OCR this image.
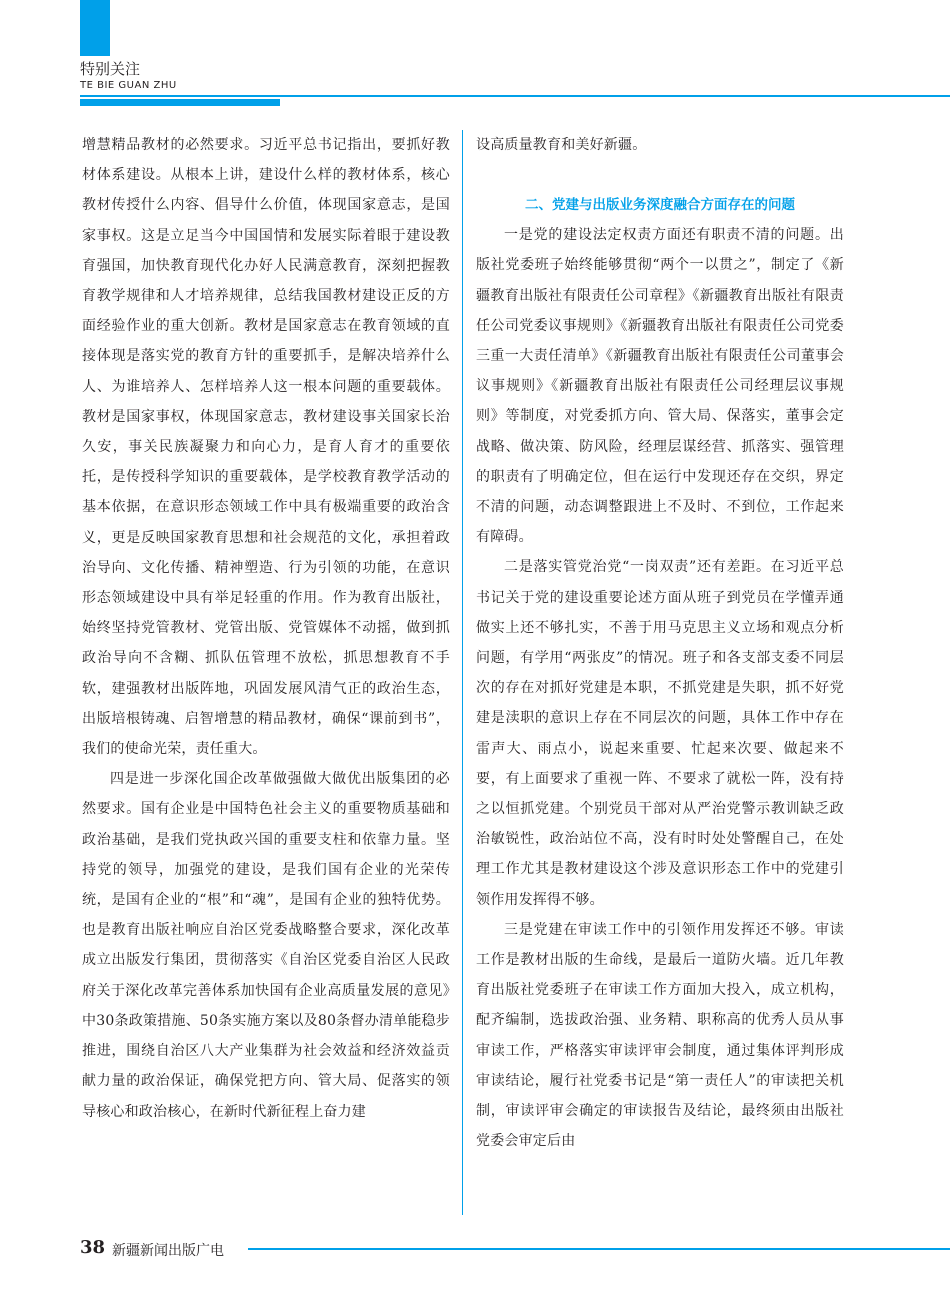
特别关注
TE BIE GUAN ZHU

增慧精品教材的必然要求。习近平总书记指出，要抓好教材体系建设。从根本上讲，建设什么样的教材体系，核心教材传授什么内容、倡导什么价值，体现国家意志，是国家事权。这是立足当今中国国情和发展实际着眼于建设教育强国，加快教育现代化办好人民满意教育，深刻把握教育教学规律和人才培养规律，总结我国教材建设正反的方面经验作业的重大创新。教材是国家意志在教育领域的直接体现是落实党的教育方针的重要抓手，是解决培养什么人、为谁培养人、怎样培养人这一根本问题的重要载体。教材是国家事权，体现国家意志，教材建设事关国家长治久安，事关民族凝聚力和向心力，是育人育才的重要依托，是传授科学知识的重要载体，是学校教育教学活动的基本依据，在意识形态领域工作中具有极端重要的政治含义，更是反映国家教育思想和社会规范的文化，承担着政治导向、文化传播、精神塑造、行为引领的功能，在意识形态领域建设中具有举足轻重的作用。作为教育出版社，始终坚持党管教材、党管出版、党管媒体不动摇，做到抓政治导向不含糊、抓队伍管理不放松，抓思想教育不手软，建强教材出版阵地，巩固发展风清气正的政治生态，出版培根铸魂、启智增慧的精品教材，确保“课前到书”，我们的使命光荣，责任重大。

四是进一步深化国企改革做强做大做优出版集团的必然要求。国有企业是中国特色社会主义的重要物质基础和政治基础，是我们党执政兴国的重要支柱和依靠力量。坚持党的领导，加强党的建设，是我们国有企业的光荣传统，是国有企业的“根”和“魂”，是国有企业的独特优势。也是教育出版社响应自治区党委战略整合要求，深化改革成立出版发行集团，贯彻落实《自治区党委自治区人民政府关于深化改革完善体系加快国有企业高质量发展的意见》中30条政策措施、50条实施方案以及80条督办清单能稳步推进，围绕自治区八大产业集群为社会效益和经济效益贡献力量的政治保证，确保党把方向、管大局、促落实的领导核心和政治核心，在新时代新征程上奋力建

设高质量教育和美好新疆。

二、党建与出版业务深度融合方面存在的问题

一是党的建设法定权责方面还有职责不清的问题。出版社党委班子始终能够贯彻“两个一以贯之”，制定了《新疆教育出版社有限责任公司章程》《新疆教育出版社有限责任公司党委议事规则》《新疆教育出版社有限责任公司党委三重一大责任清单》《新疆教育出版社有限责任公司董事会议事规则》《新疆教育出版社有限责任公司经理层议事规则》等制度，对党委抓方向、管大局、保落实，董事会定战略、做决策、防风险，经理层谋经营、抓落实、强管理的职责有了明确定位，但在运行中发现还存在交织，界定不清的问题，动态调整跟进上不及时、不到位，工作起来有障碍。

二是落实管党治党“一岗双责”还有差距。在习近平总书记关于党的建设重要论述方面从班子到党员在学懂弄通做实上还不够扎实，不善于用马克思主义立场和观点分析问题，有学用“两张皮”的情况。班子和各支部支委不同层次的存在对抓好党建是本职，不抓党建是失职，抓不好党建是渎职的意识上存在不同层次的问题，具体工作中存在雷声大、雨点小，说起来重要、忙起来次要、做起来不要，有上面要求了重视一阵、不要求了就松一阵，没有持之以恒抓党建。个别党员干部对从严治党警示教训缺乏政治敏锐性，政治站位不高，没有时时处处警醒自己，在处理工作尤其是教材建设这个涉及意识形态工作中的党建引领作用发挥得不够。

三是党建在审读工作中的引领作用发挥还不够。审读工作是教材出版的生命线，是最后一道防火墙。近几年教育出版社党委班子在审读工作方面加大投入，成立机构，配齐编制，选拔政治强、业务精、职称高的优秀人员从事审读工作，严格落实审读评审会制度，通过集体评判形成审读结论，履行社党委书记是“第一责任人”的审读把关机制，审读评审会确定的审读报告及结论，最终须由出版社党委会审定后由

38 新疆新闻出版广电
